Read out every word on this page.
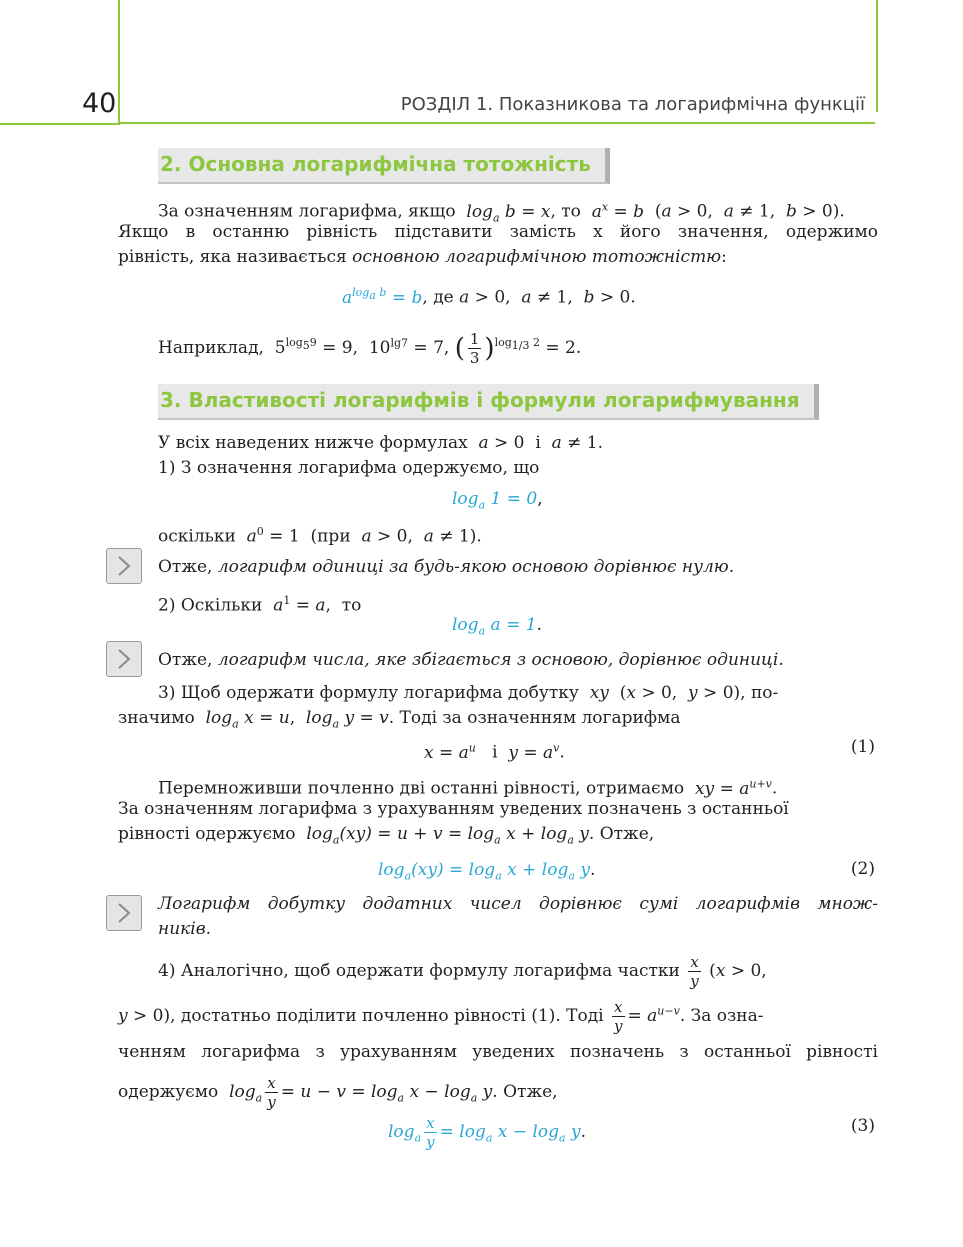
40	РОЗДІЛ 1. Показникова та логарифмічна функції
2. Основна логарифмічна тотожність
За означенням логарифма, якщо  $\log_a b = x$, то  $a^x = b$  (a > 0,  a ≠ 1,  b > 0).
Якщо в останню рівність підставити замість x його значення, одержимо
рівність, яка називається основною логарифмічною тотожністю:
$a^{log_a b} = b$, де a > 0,  a ≠ 1,  b > 0.
Наприклад,  $5^{log_59} = 9$,  $10^{lg7} = 7$, ( $\frac{1}{3} )^{log_{1/3} 2} = 2$.
3. Властивості логарифмів і формули логарифмування
У всіх наведених нижче формулах a > 0  і a ≠ 1.
1) З означення логарифма одержуємо, що
$\log_a 1 = 0$,
оскільки $a^0 = 1$  (при a > 0,  a ≠ 1).
Отже, логарифм одиниці за будь-якою основою дорівнює нулю.
2) Оскільки $a^1 = a$,  то
$\log_a a = 1$.
Отже, логарифм числа, яке збігається з основою, дорівнює одиниці.
3) Щоб одержати формулу логарифма добутку xy  (x > 0,  y > 0), по-
значимо $\log_a x = u$,  $\log_a y = v$. Тоді за означенням логарифма
$x = a^u$ і $y = a^v$.	(1)
Перемноживши почленно дві останні рівності, отримаємо xy = $a^{u+v}$.
За означенням логарифма з урахуванням уведених позначень з останньої
рівності одержуємо $\log_a(xy) = u + v = \log_a x + \log_a y$. Отже,
$\log_a(xy) = \log_a x + \log_a y$.	(2)
Логарифм добутку додатних чисел дорівнює сумі логарифмів множ-
ників.
4) Аналогічно, щоб одержати формулу логарифма частки $\frac{x}{y} (x > 0$,
y > 0), достатньо поділити почленно рівності (1). Тоді $\frac{x}{y} = a^{u-v}$. За озна-
ченням логарифма з урахуванням уведених позначень з останньої рівності
одержуємо $\log_a \frac{x}{y} = u - v = \log_a x - \log_a y$. Отже,
$\log_a \frac{x}{y} = \log_a x - \log_a y$.	(3)
